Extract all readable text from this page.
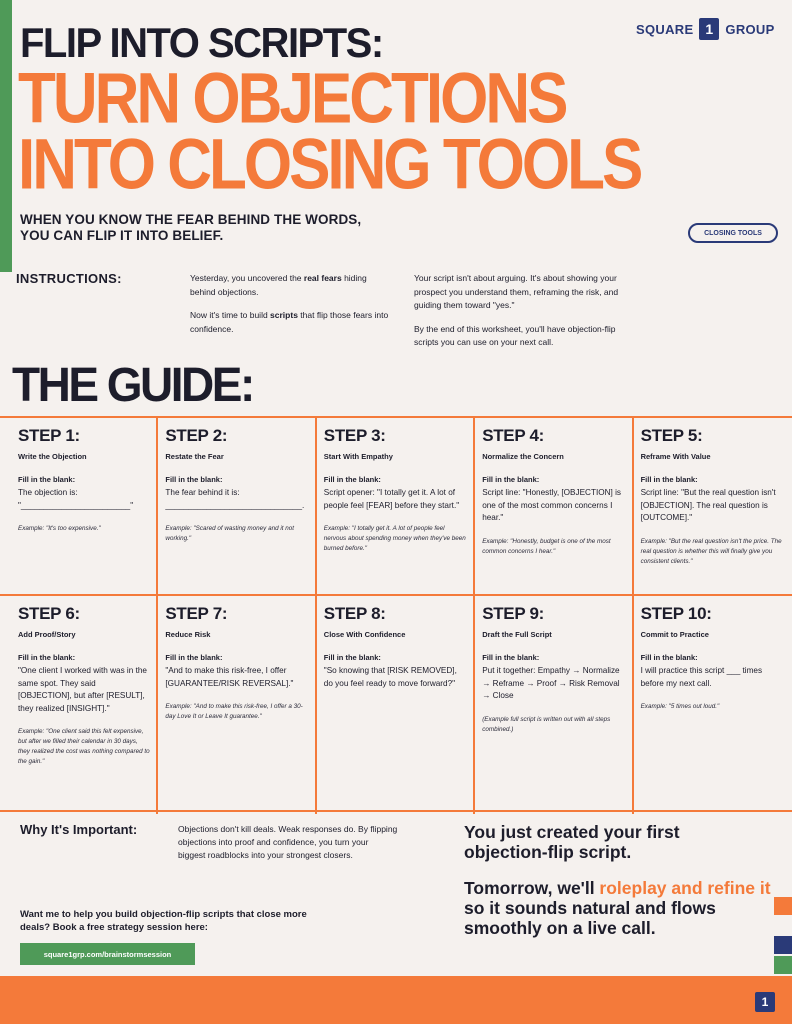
SQUARE 1 GROUP
FLIP INTO SCRIPTS:
TURN OBJECTIONS
INTO CLOSING TOOLS
WHEN YOU KNOW THE FEAR BEHIND THE WORDS,
YOU CAN FLIP IT INTO BELIEF.	CLOSING TOOLS
INSTRUCTIONS:	Yesterday, you uncovered the real fears hiding behind objections.

Now it's time to build scripts that flip those fears into confidence.

Your script isn't about arguing. It's about showing your prospect you understand them, reframing the risk, and guiding them toward "yes."

By the end of this worksheet, you'll have objection-flip scripts you can use on your next call.

THE GUIDE:
STEP 1:
Write the Objection
Fill in the blank:
The objection is: "________________________"
Example: "It's too expensive."
STEP 2:
Restate the Fear
Fill in the blank:
The fear behind it is: ______________________________.
Example: "Scared of wasting money and it not working."
STEP 3:
Start With Empathy
Fill in the blank:
Script opener: "I totally get it. A lot of people feel [FEAR] before they start."
Example: "I totally get it. A lot of people feel nervous about spending money when they've been burned before."
STEP 4:
Normalize the Concern
Fill in the blank:
Script line: "Honestly, [OBJECTION] is one of the most common concerns I hear."
Example: "Honestly, budget is one of the most common concerns I hear."
STEP 5:
Reframe With Value
Fill in the blank:
Script line: "But the real question isn't [OBJECTION]. The real question is [OUTCOME]."
Example: "But the real question isn't the price. The real question is whether this will finally give you consistent clients."
STEP 6:
Add Proof/Story
Fill in the blank:
"One client I worked with was in the same spot. They said [OBJECTION], but after [RESULT], they realized [INSIGHT]."
Example: "One client said this felt expensive, but after we filled their calendar in 30 days, they realized the cost was nothing compared to the gain."
STEP 7:
Reduce Risk
Fill in the blank:
"And to make this risk-free, I offer [GUARANTEE/RISK REVERSAL]."
Example: "And to make this risk-free, I offer a 30-day Love It or Leave It guarantee."
STEP 8:
Close With Confidence
Fill in the blank:
"So knowing that [RISK REMOVED], do you feel ready to move forward?"
STEP 9:
Draft the Full Script
Fill in the blank:
Put it together: Empathy → Normalize → Reframe → Proof → Risk Removal → Close
(Example full script is written out with all steps combined.)
STEP 10:
Commit to Practice
Fill in the blank:
I will practice this script ___ times before my next call.
Example: "5 times out loud."
Why It's Important:	Objections don't kill deals. Weak responses do. By flipping objections into proof and confidence, you turn your biggest roadblocks into your strongest closers.
You just created your first objection-flip script.
Tomorrow, we'll roleplay and refine it so it sounds natural and flows smoothly on a live call.
Want me to help you build objection-flip scripts that close more deals? Book a free strategy session here:
square1grp.com/brainstormsession
1
